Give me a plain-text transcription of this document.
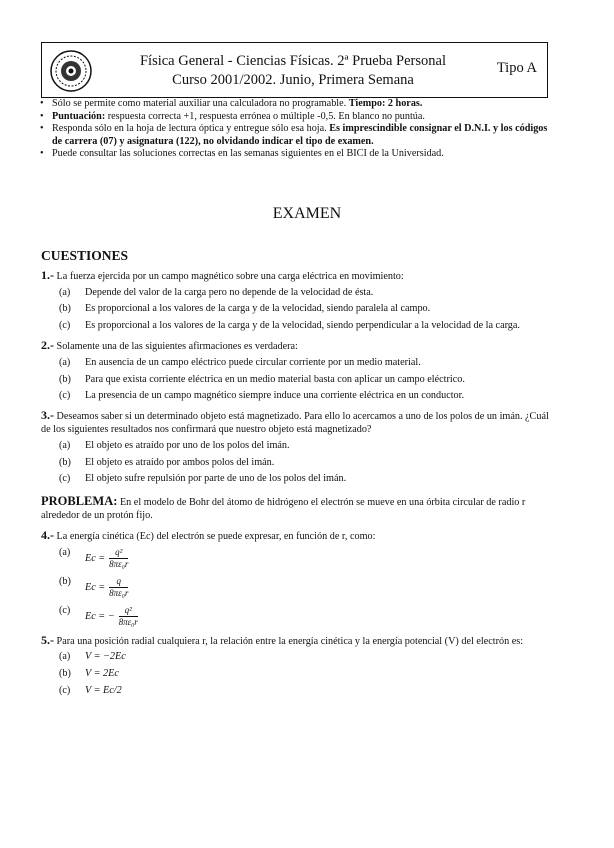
Física General - Ciencias Físicas. 2ª Prueba Personal
Curso 2001/2002. Junio, Primera Semana
Tipo A
• Sólo se permite como material auxiliar una calculadora no programable. Tiempo: 2 horas.
• Puntuación: respuesta correcta +1, respuesta errónea o múltiple -0,5. En blanco no puntúa.
• Responda sólo en la hoja de lectura óptica y entregue sólo esa hoja. Es imprescindible consignar el D.N.I. y los códigos de carrera (07) y asignatura (122), no olvidando indicar el tipo de examen.
• Puede consultar las soluciones correctas en las semanas siguientes en el BICI de la Universidad.
EXAMEN
CUESTIONES
1.- La fuerza ejercida por un campo magnético sobre una carga eléctrica en movimiento:
(a) Depende del valor de la carga pero no depende de la velocidad de ésta.
(b) Es proporcional a los valores de la carga y de la velocidad, siendo paralela al campo.
(c) Es proporcional a los valores de la carga y de la velocidad, siendo perpendicular a la velocidad de la carga.
2.- Solamente una de las siguientes afirmaciones es verdadera:
(a) En ausencia de un campo eléctrico puede circular corriente por un medio material.
(b) Para que exista corriente eléctrica en un medio material basta con aplicar un campo eléctrico.
(c) La presencia de un campo magnético siempre induce una corriente eléctrica en un conductor.
3.- Deseamos saber si un determinado objeto está magnetizado. Para ello lo acercamos a uno de los polos de un imán. ¿Cuál de los siguientes resultados nos confirmará que nuestro objeto está magnetizado?
(a) El objeto es atraído por uno de los polos del imán.
(b) El objeto es atraído por ambos polos del imán.
(c) El objeto sufre repulsión por parte de uno de los polos del imán.
PROBLEMA: En el modelo de Bohr del átomo de hidrógeno el electrón se mueve en una órbita circular de radio r alrededor de un protón fijo.
4.- La energía cinética (Ec) del electrón se puede expresar, en función de r, como:
(a)
$Ec = \frac{\text{q²}}{\text{8πε₀r}}$
(b)
$Ec = \frac{q}{\text{8πε₀r}}$
(c)
Ec = − $\frac{\text{q²}}{\text{8πε₀r}}$
5.- Para una posición radial cualquiera r, la relación entre la energía cinética y la energía potencial (V) del electrón es:
(a) V = −2Ec
(b) V = 2Ec
(c) V = Ec/2
